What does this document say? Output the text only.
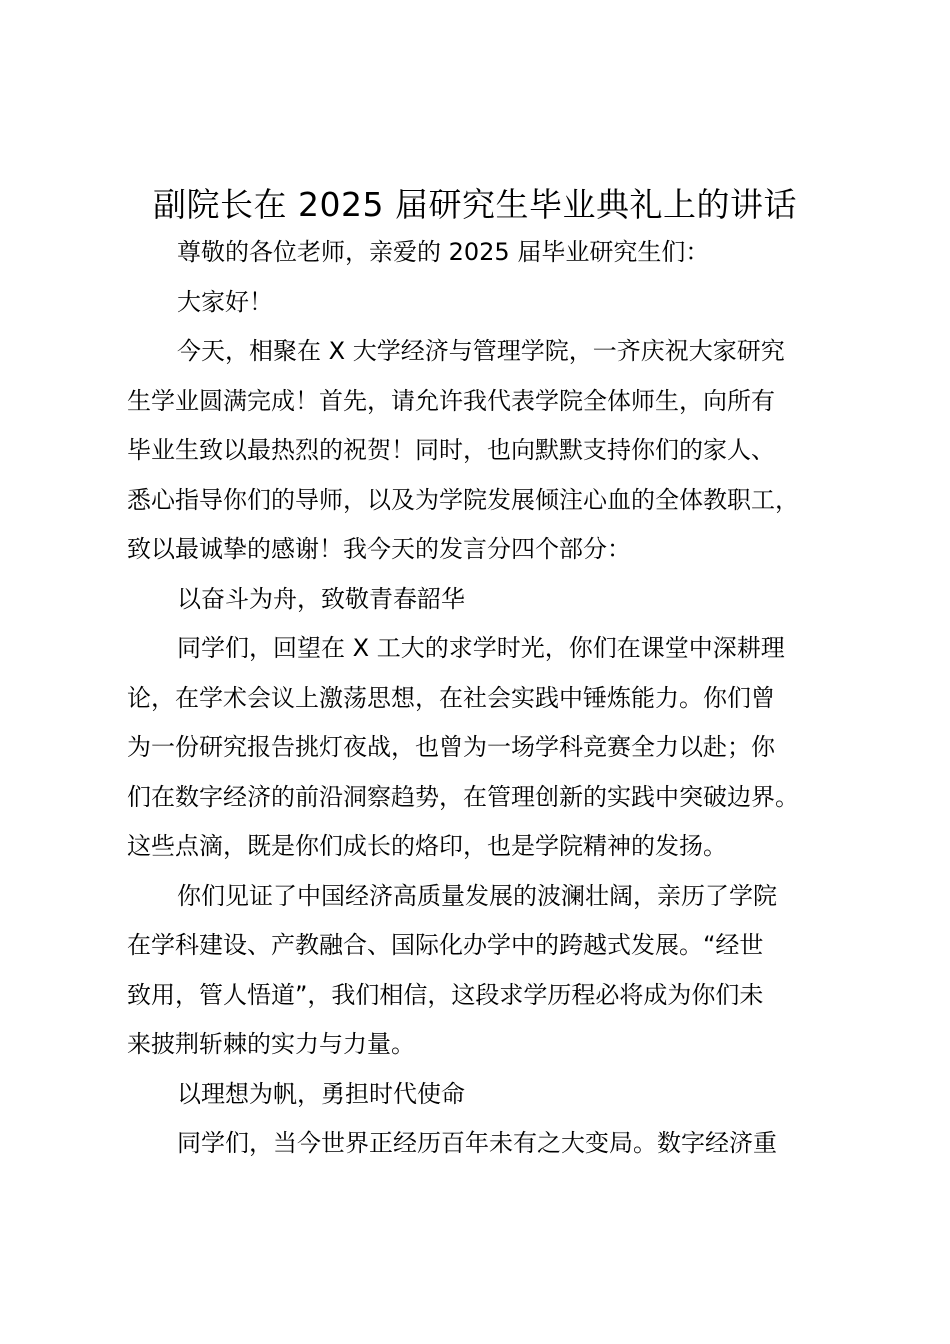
副院长在 2025 届研究生毕业典礼上的讲话

尊敬的各位老师，亲爱的 2025 届毕业研究生们：

大家好！

今天，相聚在 X 大学经济与管理学院，一齐庆祝大家研究
生学业圆满完成！首先，请允许我代表学院全体师生，向所有
毕业生致以最热烈的祝贺！同时，也向默默支持你们的家人、
悉心指导你们的导师，以及为学院发展倾注心血的全体教职工，
致以最诚挚的感谢！我今天的发言分四个部分：

以奋斗为舟，致敬青春韶华

同学们，回望在 X 工大的求学时光，你们在课堂中深耕理
论，在学术会议上激荡思想，在社会实践中锤炼能力。你们曾
为一份研究报告挑灯夜战，也曾为一场学科竞赛全力以赴；你
们在数字经济的前沿洞察趋势，在管理创新的实践中突破边界。
这些点滴，既是你们成长的烙印，也是学院精神的发扬。

你们见证了中国经济高质量发展的波澜壮阔，亲历了学院
在学科建设、产教融合、国际化办学中的跨越式发展。“经世
致用，管人悟道”，我们相信，这段求学历程必将成为你们未
来披荆斩棘的实力与力量。

以理想为帆，勇担时代使命

同学们，当今世界正经历百年未有之大变局。数字经济重
